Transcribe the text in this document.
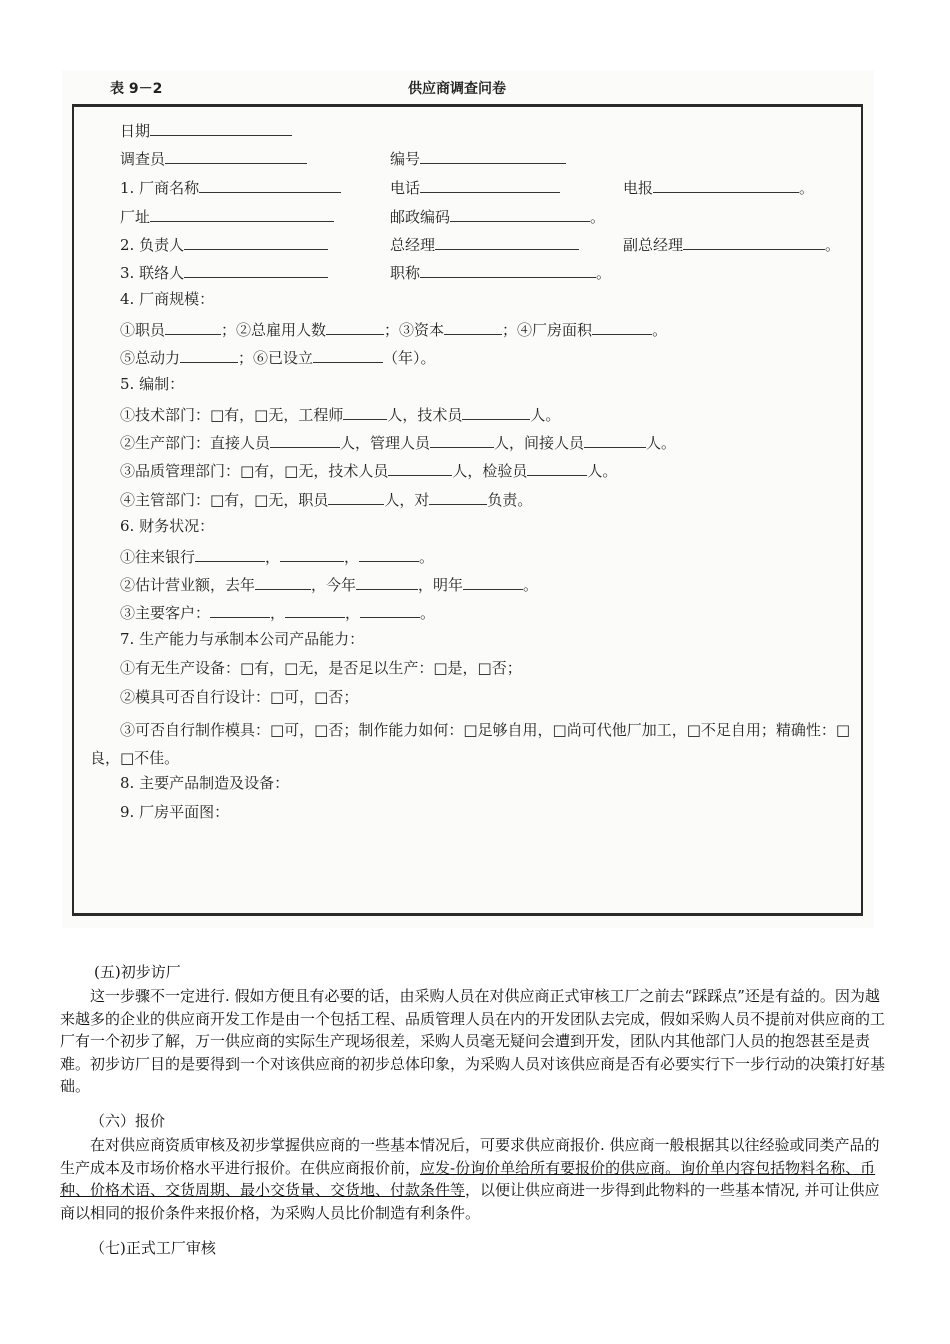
表 9－2	供应商调查问卷
日期
调查员	编号
1. 厂商名称	电话	电报	。
厂址	邮政编码	。
2. 负责人	总经理	副总经理	。
3. 联络人	职称	。
4. 厂商规模：
①职员	；②总雇用人数	；③资本	；④厂房面积	。
⑤总动力	；⑥已设立	（年）。
5. 编制：
①技术部门：□有，□无，工程师	人，技术员	人。
②生产部门：直接人员	人，管理人员	人，间接人员	人。
③品质管理部门：□有，□无，技术人员	人，检验员	人。
④主管部门：□有，□无，职员	人，对	负责。
6. 财务状况：
①往来银行	，	，	。
②估计营业额，去年	，今年	，明年	。
③主要客户：	，	，	。
7. 生产能力与承制本公司产品能力：
①有无生产设备：□有，□无，是否足以生产：□是，□否；
②模具可否自行设计：□可，□否；
③可否自行制作模具：□可，□否；制作能力如何：□足够自用，□尚可代他厂加工，□不足自用；精确性：□良，□不佳。
8. 主要产品制造及设备：
9. 厂房平面图：
(五)初步访厂

这一步骤不一定进行. 假如方便且有必要的话，由采购人员在对供应商正式审核工厂之前去“踩踩点”还是有益的。因为越来越多的企业的供应商开发工作是由一个包括工程、品质管理人员在内的开发团队去完成，假如采购人员不提前对供应商的工厂有一个初步了解，万一供应商的实际生产现场很差，采购人员毫无疑问会遭到开发，团队内其他部门人员的抱怨甚至是责难。初步访厂目的是要得到一个对该供应商的初步总体印象，为采购人员对该供应商是否有必要实行下一步行动的决策打好基础。

（六）报价

在对供应商资质审核及初步掌握供应商的一些基本情况后，可要求供应商报价. 供应商一般根据其以往经验或同类产品的生产成本及市场价格水平进行报价。在供应商报价前，应发-份询价单给所有要报价的供应商。询价单内容包括物料名称、币种、价格术语、交货周期、最小交货量、交货地、付款条件等，以便让供应商进一步得到此物料的一些基本情况, 并可让供应商以相同的报价条件来报价格，为采购人员比价制造有利条件。

（七)正式工厂审核
